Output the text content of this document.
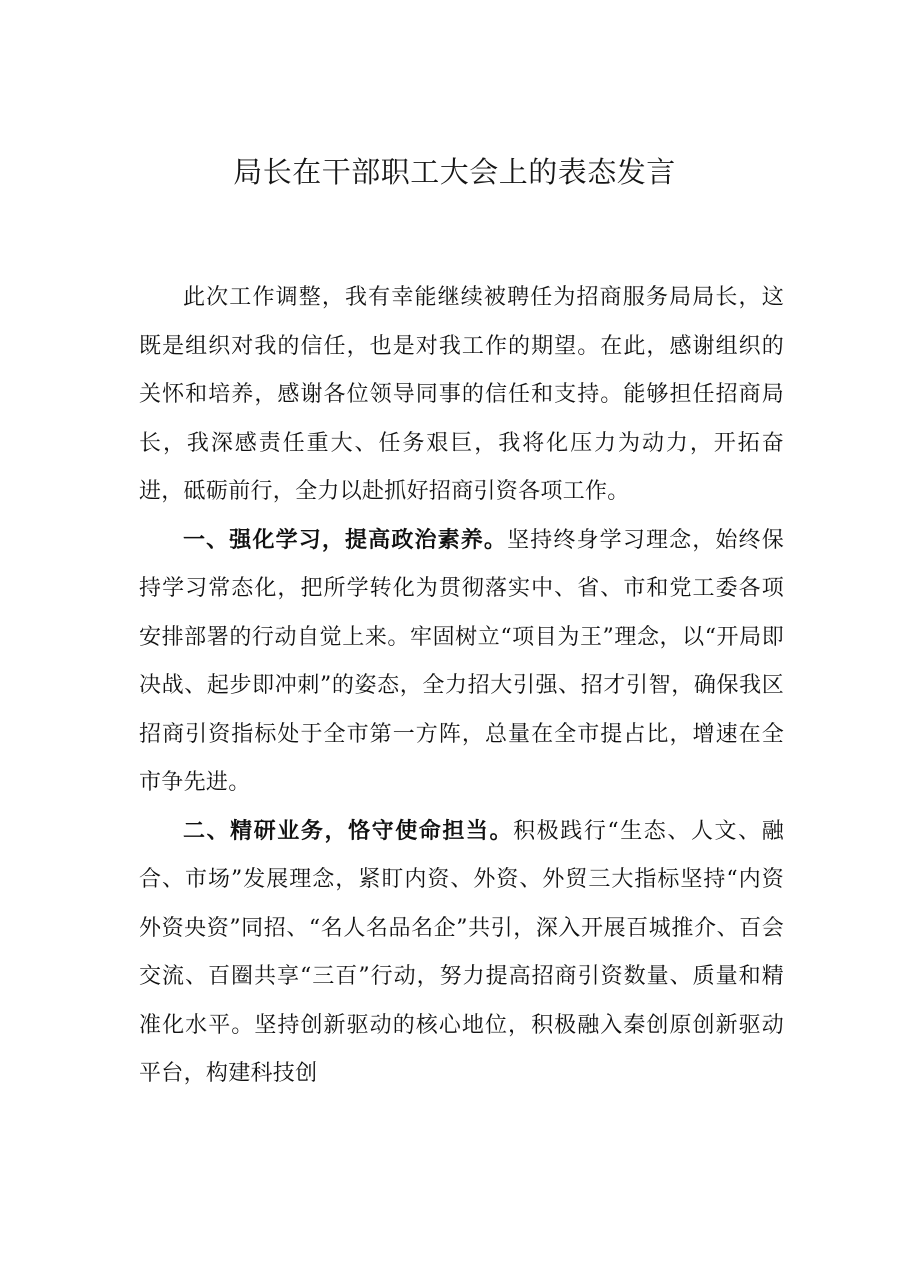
局长在干部职工大会上的表态发言

此次工作调整，我有幸能继续被聘任为招商服务局局长，这既是组织对我的信任，也是对我工作的期望。在此，感谢组织的关怀和培养，感谢各位领导同事的信任和支持。能够担任招商局长，我深感责任重大、任务艰巨，我将化压力为动力，开拓奋进，砥砺前行，全力以赴抓好招商引资各项工作。

一、强化学习，提高政治素养。坚持终身学习理念，始终保持学习常态化，把所学转化为贯彻落实中、省、市和党工委各项安排部署的行动自觉上来。牢固树立“项目为王”理念，以“开局即决战、起步即冲刺”的姿态，全力招大引强、招才引智，确保我区招商引资指标处于全市第一方阵，总量在全市提占比，增速在全市争先进。

二、精研业务，恪守使命担当。积极践行“生态、人文、融合、市场”发展理念，紧盯内资、外资、外贸三大指标坚持“内资外资央资”同招、“名人名品名企”共引，深入开展百城推介、百会交流、百圈共享“三百”行动，努力提高招商引资数量、质量和精准化水平。坚持创新驱动的核心地位，积极融入秦创原创新驱动平台，构建科技创
